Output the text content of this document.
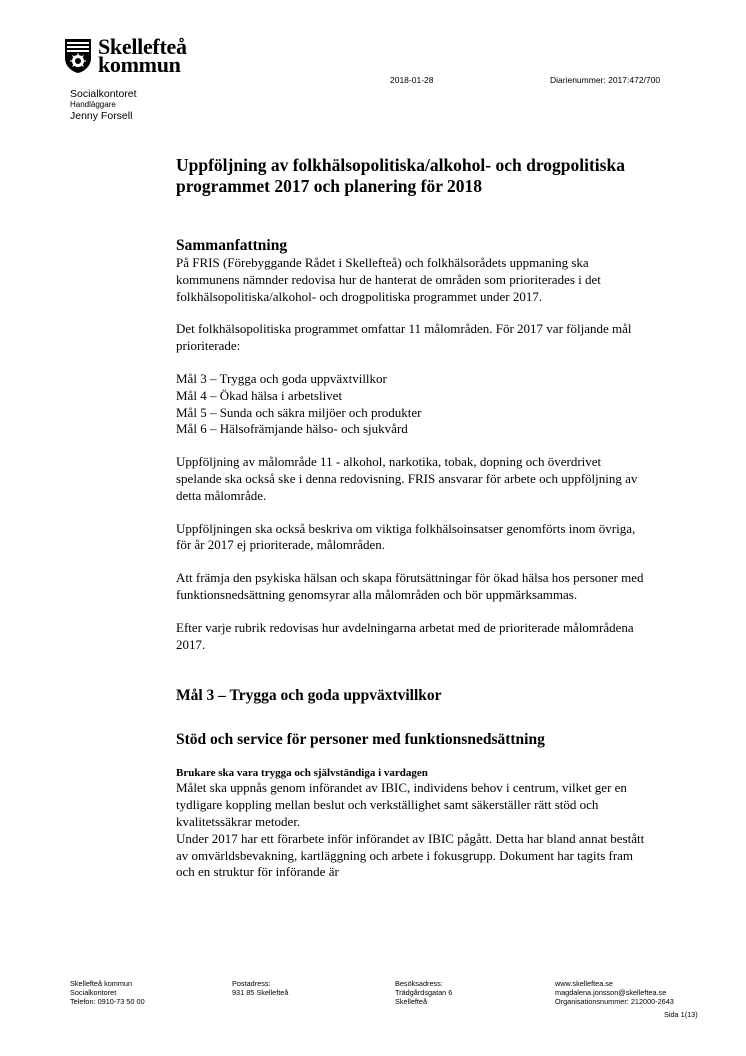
Skellefteå
kommun
Socialkontoret
Handläggare
Jenny Forsell
2018-01-28	Diarienummer: 2017:472/700
Uppföljning av folkhälsopolitiska/alkohol- och drogpolitiska programmet 2017 och planering för 2018
Sammanfattning

På FRIS (Förebyggande Rådet i Skellefteå) och folkhälsorådets uppmaning ska kommunens nämnder redovisa hur de hanterat de områden som prioriterades i det folkhälsopolitiska/alkohol- och drogpolitiska programmet under 2017.

Det folkhälsopolitiska programmet omfattar 11 målområden. För 2017 var följande mål prioriterade:

Mål 3 – Trygga och goda uppväxtvillkor

Mål 4 – Ökad hälsa i arbetslivet

Mål 5 – Sunda och säkra miljöer och produkter

Mål 6 – Hälsofrämjande hälso- och sjukvård

Uppföljning av målområde 11 - alkohol, narkotika, tobak, dopning och överdrivet spelande ska också ske i denna redovisning. FRIS ansvarar för arbete och uppföljning av detta målområde.

Uppföljningen ska också beskriva om viktiga folkhälsoinsatser genomförts inom övriga, för år 2017 ej prioriterade, målområden.

Att främja den psykiska hälsan och skapa förutsättningar för ökad hälsa hos personer med funktionsnedsättning genomsyrar alla målområden och bör uppmärksammas.

Efter varje rubrik redovisas hur avdelningarna arbetat med de prioriterade målområdena 2017.

Mål 3 – Trygga och goda uppväxtvillkor
Stöd och service för personer med funktionsnedsättning
Brukare ska vara trygga och självständiga i vardagen

Målet ska uppnås genom införandet av IBIC, individens behov i centrum, vilket ger en tydligare koppling mellan beslut och verkställighet samt säkerställer rätt stöd och kvalitetssäkrar metoder.

Under 2017 har ett förarbete inför införandet av IBIC pågått. Detta har bland annat bestått av omvärldsbevakning, kartläggning och arbete i fokusgrupp. Dokument har tagits fram och en struktur för införande är

Skellefteå kommun
Socialkontoret
Telefon: 0910-73 50 00
Postadress:
931 85 Skellefteå
Besöksadress:
Trädgårdsgatan 6
Skellefteå
www.skelleftea.se
magdalena.jonsson@skelleftea.se
Organisationsnummer: 212000-2643
Sida 1(13)
